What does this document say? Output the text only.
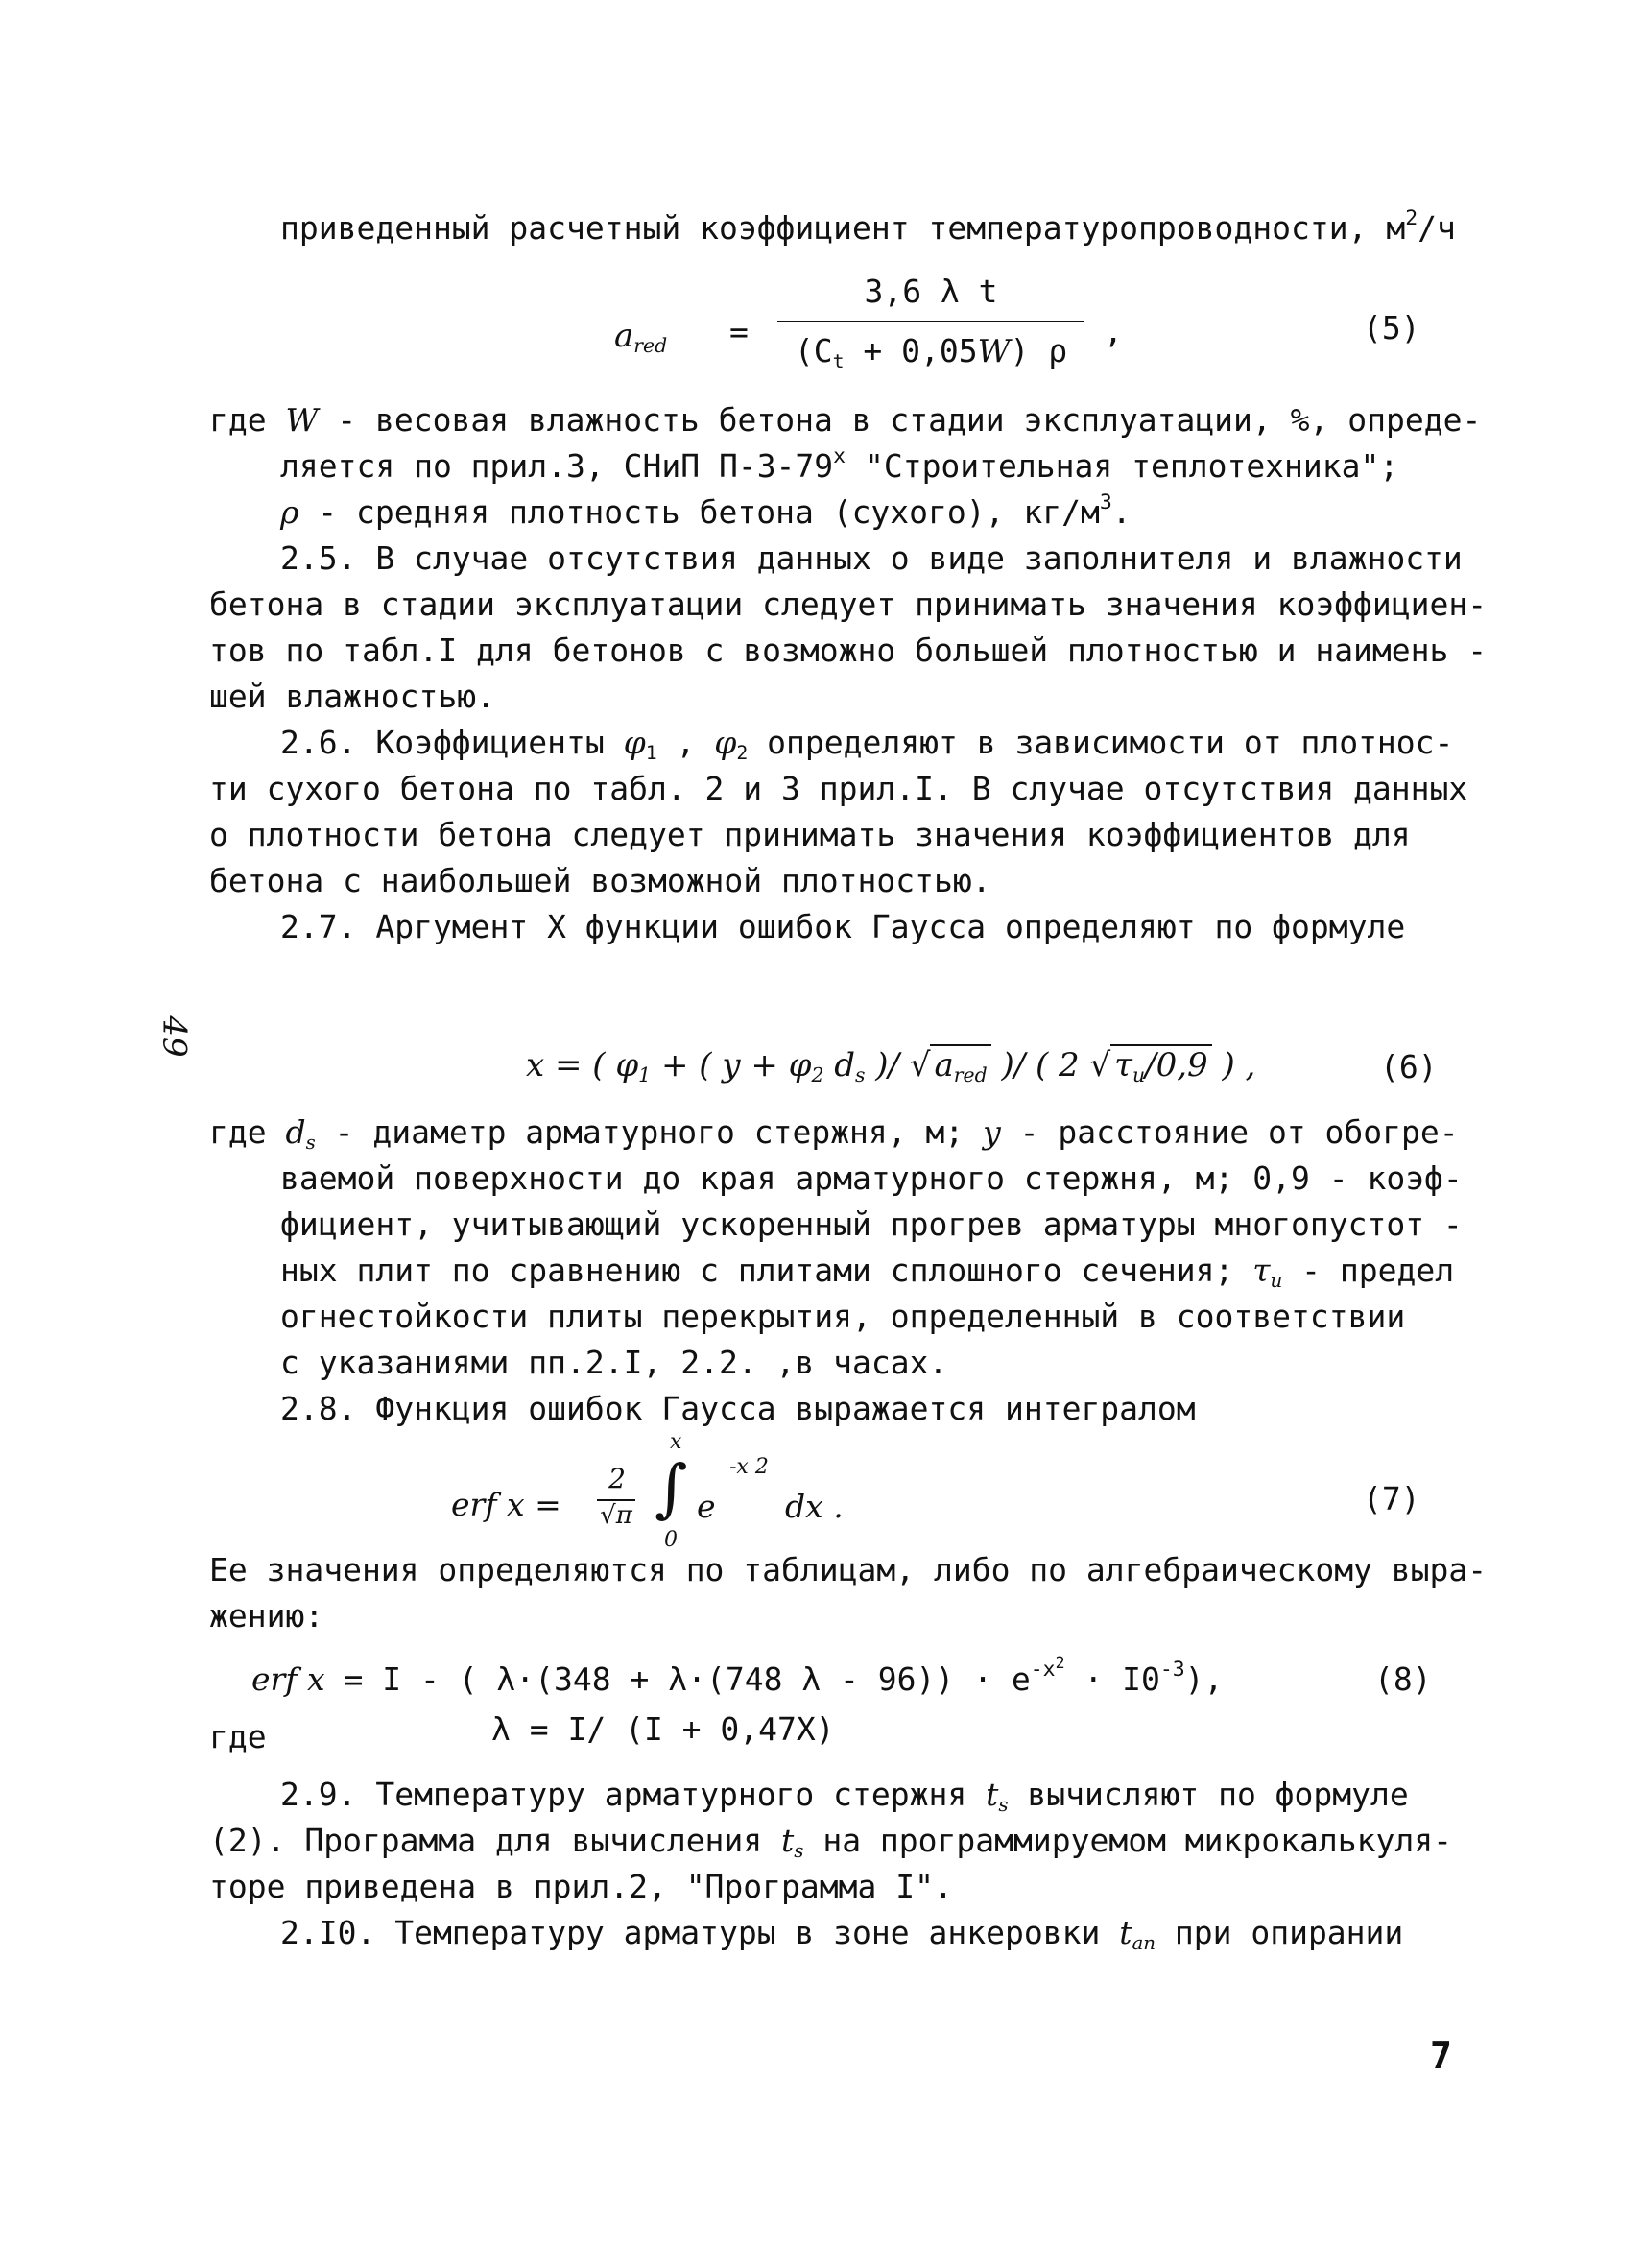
приведенный расчетный коэффициент температуропроводности, $м^2/ч$
$a_{red}$ =
3,6 λ t
$(C_t + 0,05W)$ ρ
,	(5)
где W - весовая влажность бетона в стадии эксплуатации, %, опреде-
ляется по прил.3, СНиП П-3-79$^x$ "Строительная теплотехника";
ρ - средняя плотность бетона (сухого), $кг/м^3$.
2.5. В случае отсутствия данных о виде заполнителя и влажности
бетона в стадии эксплуатации следует принимать значения коэффициен-
тов по табл.I для бетонов с возможно большей плотностью и наимень -
шей влажностью.
2.6. Коэффициенты $\varphi_1$ , $\varphi_2$ определяют в зависимости от плотнос-
ти сухого бетона по табл. 2 и 3 прил.I. В случае отсутствия данных
о плотности бетона следует принимать значения коэффициентов для
бетона с наибольшей возможной плотностью.
2.7. Аргумент X функции ошибок Гаусса определяют по формуле
49
x = ( $\varphi_1$ + ( $y + \varphi_2$ $d_s$ )/ √ $a_{red}$ )/ ( 2 √ $\tau_u/0,9$ ) ,	(6)
где $d_s$ - диаметр арматурного стержня, м; y - расстояние от обогре-
ваемой поверхности до края арматурного стержня, м; 0,9 - коэф-
фициент, учитывающий ускоренный прогрев арматуры многопустот -
ных плит по сравнению с плитами сплошного сечения; $\tau_u$ - предел
огнестойкости плиты перекрытия, определенный в соответствии
с указаниями пп.2.I, 2.2. ,в часах.
2.8. Функция ошибок Гаусса выражается интегралом
erf x =
2
√π
x
∫
0
e
-x 2
dx .	(7)
Ее значения определяются по таблицам, либо по алгебраическому выра-
жению:
erf x = I - ( λ·(348 + λ·(748 $\lambda - 96)) \cdot e^{-x2} \cdot I0^{-3}$),	(8)
где	λ = I/ (I + 0,47X)
2.9. Температуру арматурного стержня $t_s$ вычисляют по формуле
(2). Программа для вычисления $t_s$ на программируемом микрокалькуля-
торе приведена в прил.2, "Программа I".
2.I0. Температуру арматуры в зоне анкеровки $t_{an}$ при опирании
7
